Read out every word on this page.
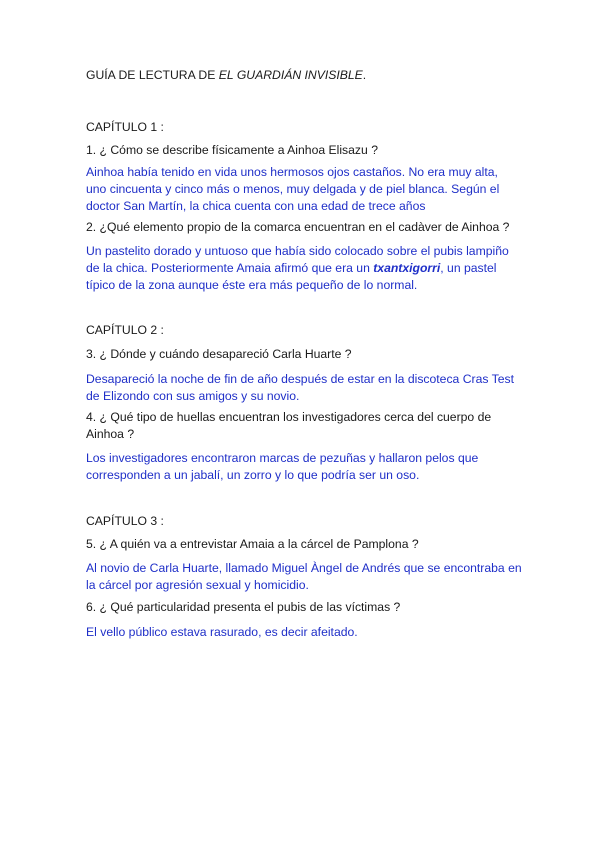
GUÍA DE LECTURA DE EL GUARDIÁN INVISIBLE.
CAPÍTULO 1 :
1. ¿ Cómo se describe físicamente a Ainhoa Elisazu ?
Ainhoa había tenido en vida unos hermosos ojos castaños. No era muy alta,
uno cincuenta y cinco más o menos, muy delgada y de piel blanca. Según el
doctor San Martín, la chica cuenta con una edad de trece años
2. ¿Qué elemento propio de la comarca encuentran en el cadàver de Ainhoa ?
Un pastelito dorado y untuoso que había sido colocado sobre el pubis lampiño
de la chica. Posteriormente Amaia afirmó que era un txantxigorri, un pastel
típico de la zona aunque éste era más pequeño de lo normal.
CAPÍTULO 2 :
3. ¿ Dónde y cuándo desapareció Carla Huarte ?
Desapareció la noche de fin de año después de estar en la discoteca Cras Test
de Elizondo con sus amigos y su novio.
4. ¿ Qué tipo de huellas encuentran los investigadores cerca del cuerpo de
Ainhoa ?
Los investigadores encontraron marcas de pezuñas y hallaron pelos que
corresponden a un jabalí, un zorro y lo que podría ser un oso.
CAPÍTULO 3 :
5. ¿ A quién va a entrevistar Amaia a la cárcel de Pamplona ?
Al novio de Carla Huarte, llamado Miguel Àngel de Andrés que se encontraba en
la cárcel por agresión sexual y homicidio.
6. ¿ Qué particularidad presenta el pubis de las víctimas ?
El vello público estava rasurado, es decir afeitado.
